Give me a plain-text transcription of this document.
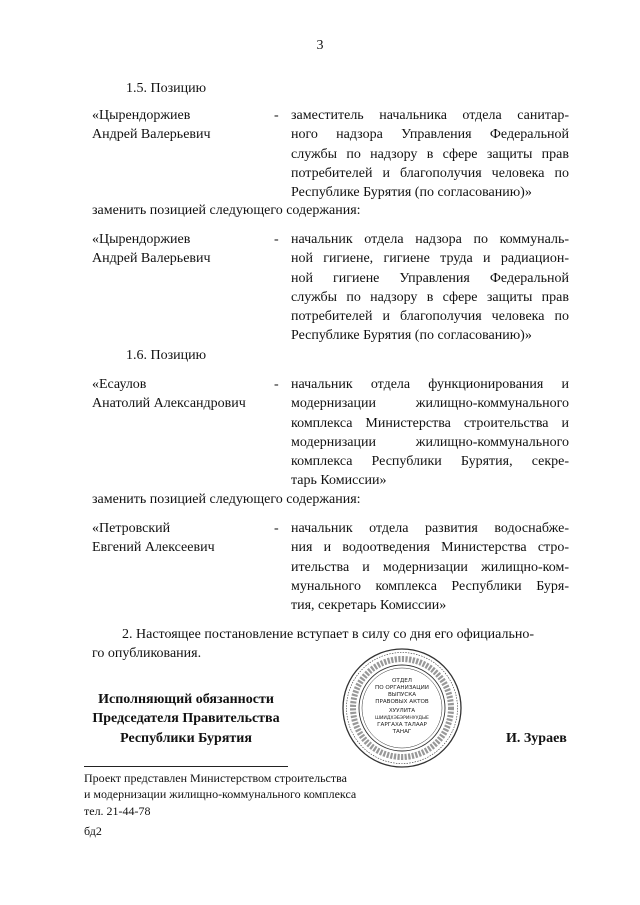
3
1.5. Позицию
«Цырендоржиев
Андрей Валерьевич
- заместитель начальника отдела санитар-
ного надзора Управления Федеральной
службы по надзору в сфере защиты прав
потребителей и благополучия человека по
Республике Бурятия (по согласованию)»
заменить позицией следующего содержания:
«Цырендоржиев
Андрей Валерьевич
- начальник отдела надзора по коммуналь-
ной гигиене, гигиене труда и радиацион-
ной гигиене Управления Федеральной
службы по надзору в сфере защиты прав
потребителей и благополучия человека по
Республике Бурятия (по согласованию)»
1.6. Позицию
«Есаулов
Анатолий Александрович
- начальник отдела функционирования и
модернизации жилищно-коммунального
комплекса Министерства строительства и
модернизации жилищно-коммунального
комплекса Республики Бурятия, секре-
тарь Комиссии»
заменить позицией следующего содержания:
«Петровский
Евгений Алексеевич
- начальник отдела развития водоснабже-
ния и водоотведения Министерства стро-
ительства и модернизации жилищно-ком-
мунального комплекса Республики Буря-
тия, секретарь Комиссии»
2. Настоящее постановление вступает в силу со дня его официально-
го опубликования.
Исполняющий обязанности
Председателя Правительства
Республики Бурятия
ОТДЕЛ
ПО ОРГАНИЗАЦИИ
ВЫПУСКА
ПРАВОВЫХ АКТОВ
ХУУЛИТА
ШИИДХЭБЭРИНУУДЫЕ
ГАРГАХА ТАЛААР
ТАНАГ	И. Зураев
Проект представлен Министерством строительства
и модернизации жилищно-коммунального комплекса
тел. 21-44-78
бд2
